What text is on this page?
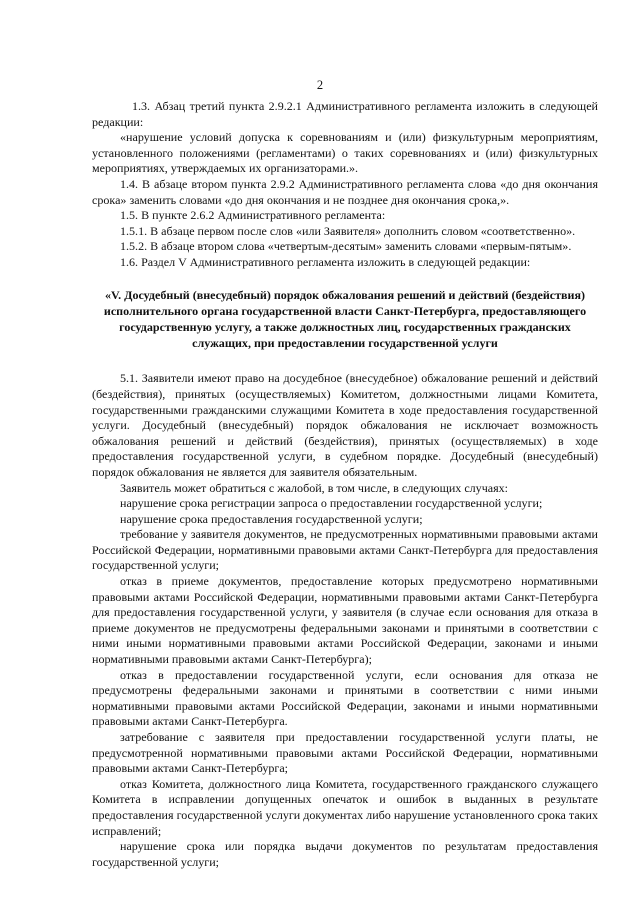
2

1.3. Абзац третий пункта 2.9.2.1 Административного регламента изложить в следующей редакции:

«нарушение условий допуска к соревнованиям и (или) физкультурным мероприятиям, установленного положениями (регламентами) о таких соревнованиях и (или) физкультурных мероприятиях, утверждаемых их организаторами.».

1.4. В абзаце втором пункта 2.9.2 Административного регламента слова «до дня окончания срока» заменить словами «до дня окончания и не позднее дня окончания срока,».

1.5. В пункте 2.6.2 Административного регламента:

1.5.1. В абзаце первом после слов «или Заявителя» дополнить словом «соответственно».

1.5.2. В абзаце втором слова «четвертым-десятым» заменить словами «первым-пятым».

1.6. Раздел V Административного регламента изложить в следующей редакции:

«V. Досудебный (внесудебный) порядок обжалования решений и действий (бездействия) исполнительного органа государственной власти Санкт-Петербурга, предоставляющего государственную услугу, а также должностных лиц, государственных гражданских служащих, при предоставлении государственной услуги

5.1. Заявители имеют право на досудебное (внесудебное) обжалование решений и действий (бездействия), принятых (осуществляемых) Комитетом, должностными лицами Комитета, государственными гражданскими служащими Комитета в ходе предоставления государственной услуги. Досудебный (внесудебный) порядок обжалования не исключает возможность обжалования решений и действий (бездействия), принятых (осуществляемых) в ходе предоставления государственной услуги, в судебном порядке. Досудебный (внесудебный) порядок обжалования не является для заявителя обязательным.

Заявитель может обратиться с жалобой, в том числе, в следующих случаях:

нарушение срока регистрации запроса о предоставлении государственной услуги;

нарушение срока предоставления государственной услуги;

требование у заявителя документов, не предусмотренных нормативными правовыми актами Российской Федерации, нормативными правовыми актами Санкт-Петербурга для предоставления государственной услуги;

отказ в приеме документов, предоставление которых предусмотрено нормативными правовыми актами Российской Федерации, нормативными правовыми актами Санкт-Петербурга для предоставления государственной услуги, у заявителя (в случае если основания для отказа в приеме документов не предусмотрены федеральными законами и принятыми в соответствии с ними иными нормативными правовыми актами Российской Федерации, законами и иными нормативными правовыми актами Санкт-Петербурга);

отказ в предоставлении государственной услуги, если основания для отказа не предусмотрены федеральными законами и принятыми в соответствии с ними иными нормативными правовыми актами Российской Федерации, законами и иными нормативными правовыми актами Санкт-Петербурга.

затребование с заявителя при предоставлении государственной услуги платы, не предусмотренной нормативными правовыми актами Российской Федерации, нормативными правовыми актами Санкт-Петербурга;

отказ Комитета, должностного лица Комитета, государственного гражданского служащего Комитета в исправлении допущенных опечаток и ошибок в выданных в результате предоставления государственной услуги документах либо нарушение установленного срока таких исправлений;

нарушение срока или порядка выдачи документов по результатам предоставления государственной услуги;
